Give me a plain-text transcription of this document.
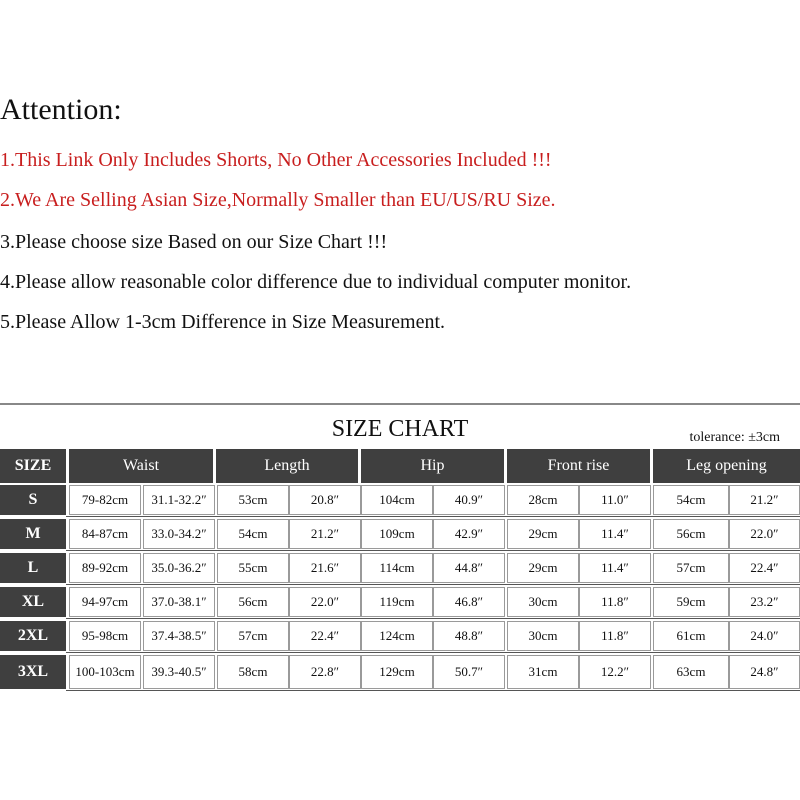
Attention:
1.This Link Only Includes Shorts, No Other Accessories Included !!!
2.We Are Selling Asian Size,Normally Smaller than EU/US/RU Size.
3.Please choose size Based on our Size Chart !!!
4.Please allow reasonable color difference due to individual computer monitor.
5.Please Allow 1-3cm Difference in Size Measurement.
SIZE CHART	tolerance: ±3cm
SIZE	Waist	Length	Hip	Front rise	Leg opening
S	79-82cm	31.1-32.2″	53cm	20.8″	104cm	40.9″	28cm	11.0″	54cm	21.2″
M	84-87cm	33.0-34.2″	54cm	21.2″	109cm	42.9″	29cm	11.4″	56cm	22.0″
L	89-92cm	35.0-36.2″	55cm	21.6″	114cm	44.8″	29cm	11.4″	57cm	22.4″
XL	94-97cm	37.0-38.1″	56cm	22.0″	119cm	46.8″	30cm	11.8″	59cm	23.2″
2XL	95-98cm	37.4-38.5″	57cm	22.4″	124cm	48.8″	30cm	11.8″	61cm	24.0″
3XL	100-103cm	39.3-40.5″	58cm	22.8″	129cm	50.7″	31cm	12.2″	63cm	24.8″
